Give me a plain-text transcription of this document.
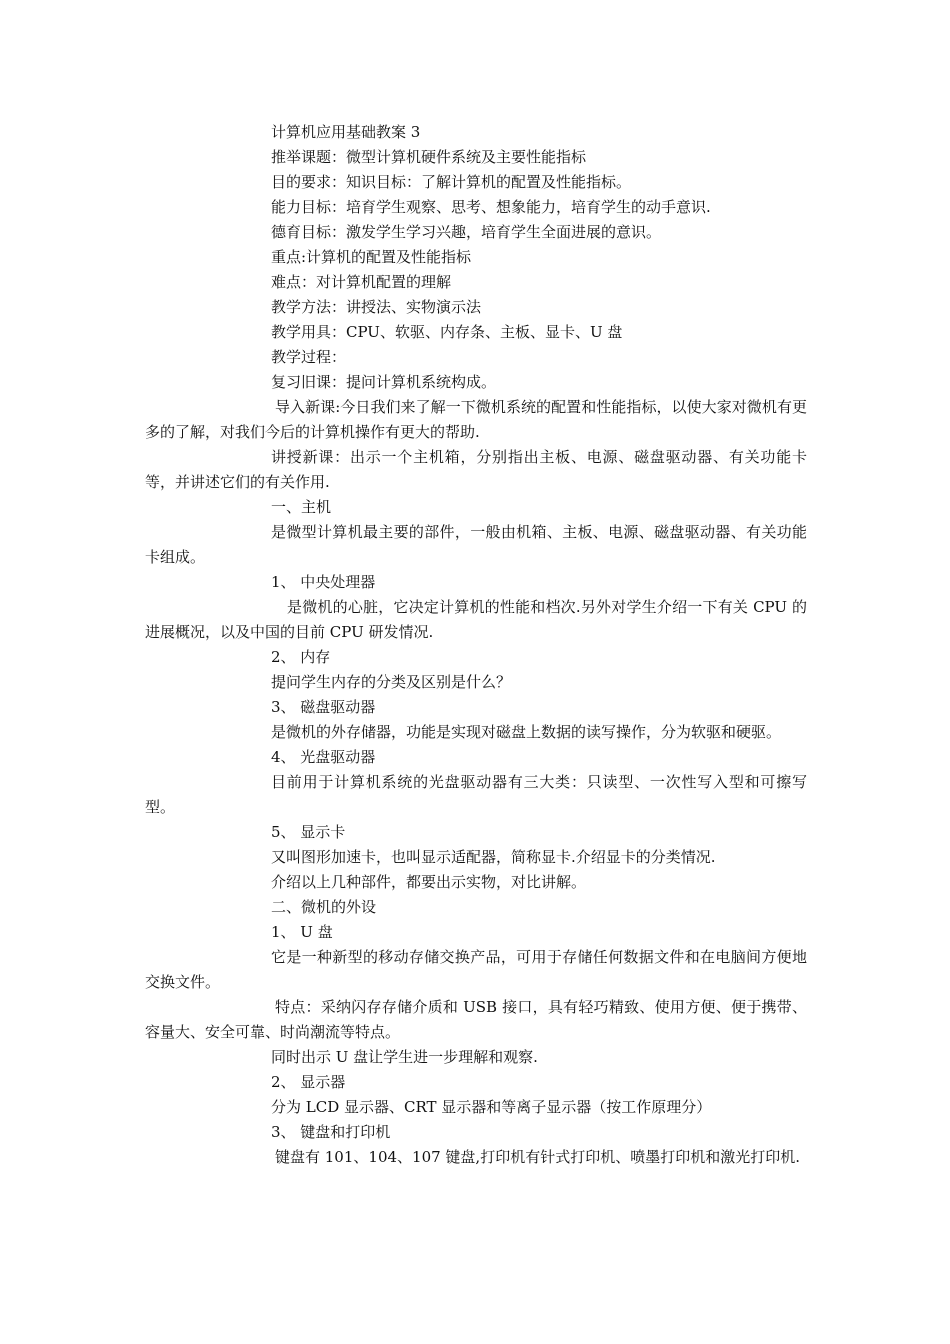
计算机应用基础教案 3

推举课题：微型计算机硬件系统及主要性能指标

目的要求：知识目标：了解计算机的配置及性能指标。

能力目标：培育学生观察、思考、想象能力，培育学生的动手意识.

德育目标：激发学生学习兴趣，培育学生全面进展的意识。

重点:计算机的配置及性能指标

难点：对计算机配置的理解

教学方法：讲授法、实物演示法

教学用具：CPU、软驱、内存条、主板、显卡、U 盘

教学过程：

复习旧课：提问计算机系统构成。

导入新课:今日我们来了解一下微机系统的配置和性能指标，以使大家对微机有更多的了解，对我们今后的计算机操作有更大的帮助.

讲授新课：出示一个主机箱，分别指出主板、电源、磁盘驱动器、有关功能卡等，并讲述它们的有关作用.

一、主机

是微型计算机最主要的部件，一般由机箱、主板、电源、磁盘驱动器、有关功能卡组成。

1、 中央处理器

是微机的心脏，它决定计算机的性能和档次.另外对学生介绍一下有关 CPU 的进展概况，以及中国的目前 CPU 研发情况.

2、 内存

提问学生内存的分类及区别是什么？

3、 磁盘驱动器

是微机的外存储器，功能是实现对磁盘上数据的读写操作，分为软驱和硬驱。

4、 光盘驱动器

目前用于计算机系统的光盘驱动器有三大类：只读型、一次性写入型和可擦写型。

5、 显示卡

又叫图形加速卡，也叫显示适配器，简称显卡.介绍显卡的分类情况.

介绍以上几种部件，都要出示实物，对比讲解。

二、微机的外设

1、 U 盘

它是一种新型的移动存储交换产品，可用于存储任何数据文件和在电脑间方便地交换文件。

特点：采纳闪存存储介质和 USB 接口，具有轻巧精致、使用方便、便于携带、容量大、安全可靠、时尚潮流等特点。

同时出示 U 盘让学生进一步理解和观察.

2、 显示器

分为 LCD 显示器、CRT 显示器和等离子显示器（按工作原理分）

3、 键盘和打印机

键盘有 101、104、107 键盘,打印机有针式打印机、喷墨打印机和激光打印机.
